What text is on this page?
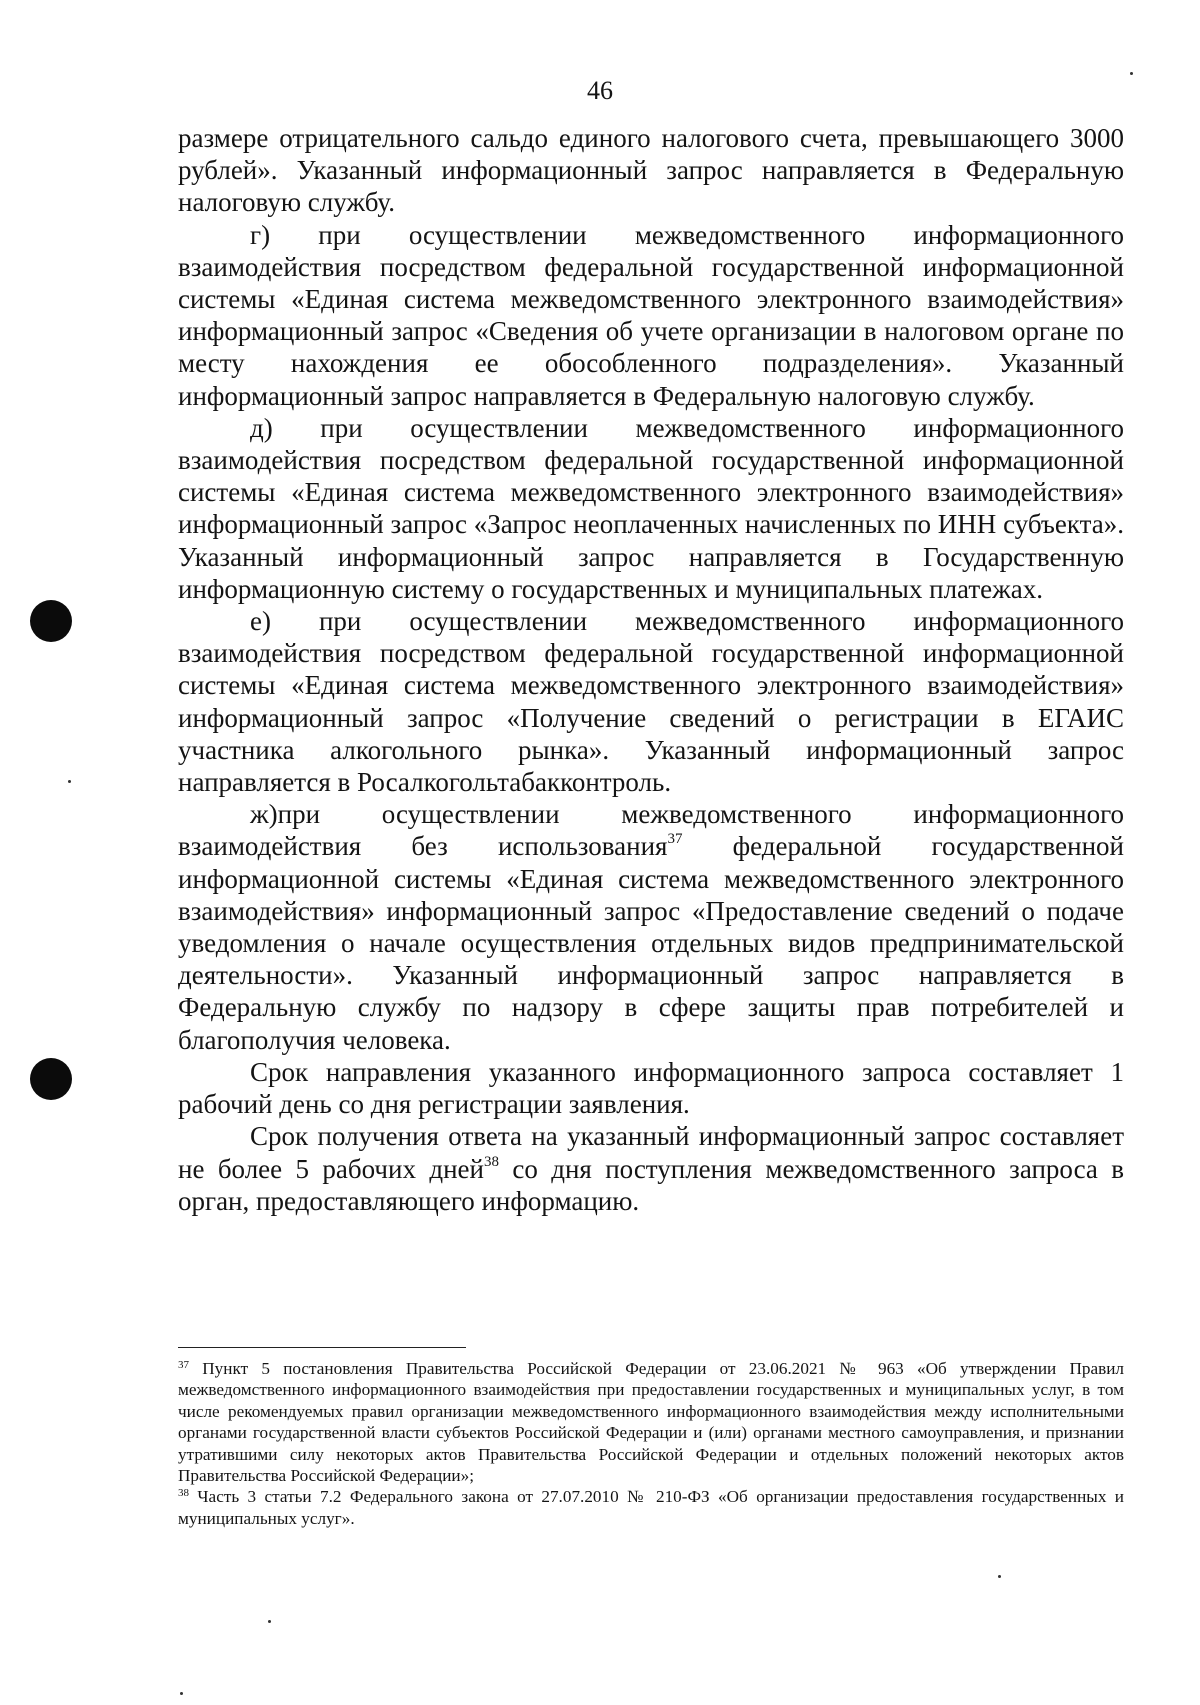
46

размере отрицательного сальдо единого налогового счета, превышающего 3000 рублей». Указанный информационный запрос направляется в Федеральную налоговую службу.

г) при осуществлении межведомственного информационного взаимодействия посредством федеральной государственной информационной системы «Единая система межведомственного электронного взаимодействия» информационный запрос «Сведения об учете организации в налоговом органе по месту нахождения ее обособленного подразделения». Указанный информационный запрос направляется в Федеральную налоговую службу.

д) при осуществлении межведомственного информационного взаимодействия посредством федеральной государственной информационной системы «Единая система межведомственного электронного взаимодействия» информационный запрос «Запрос неоплаченных начисленных по ИНН субъекта». Указанный информационный запрос направляется в Государственную информационную систему о государственных и муниципальных платежах.

е) при осуществлении межведомственного информационного взаимодействия посредством федеральной государственной информационной системы «Единая система межведомственного электронного взаимодействия» информационный запрос «Получение сведений о регистрации в ЕГАИС участника алкогольного рынка». Указанный информационный запрос направляется в Росалкогольтабакконтроль.

ж)при осуществлении межведомственного информационного взаимодействия без использования$^{37}$ федеральной государственной информационной системы «Единая система межведомственного электронного взаимодействия» информационный запрос «Предоставление сведений о подаче уведомления о начале осуществления отдельных видов предпринимательской деятельности». Указанный информационный запрос направляется в Федеральную службу по надзору в сфере защиты прав потребителей и благополучия человека.

Срок направления указанного информационного запроса составляет 1 рабочий день со дня регистрации заявления.

Срок получения ответа на указанный информационный запрос составляет не более 5 рабочих дней$^{38}$ со дня поступления межведомственного запроса в орган, предоставляющего информацию.

$^{37}$ Пункт 5 постановления Правительства Российской Федерации от 23.06.2021 № 963 «Об утверждении Правил межведомственного информационного взаимодействия при предоставлении государственных и муниципальных услуг, в том числе рекомендуемых правил организации межведомственного информационного взаимодействия между исполнительными органами государственной власти субъектов Российской Федерации и (или) органами местного самоуправления, и признании утратившими силу некоторых актов Правительства Российской Федерации и отдельных положений некоторых актов Правительства Российской Федерации»;

$^{38}$ Часть 3 статьи 7.2 Федерального закона от 27.07.2010 № 210-ФЗ «Об организации предоставления государственных и муниципальных услуг».
